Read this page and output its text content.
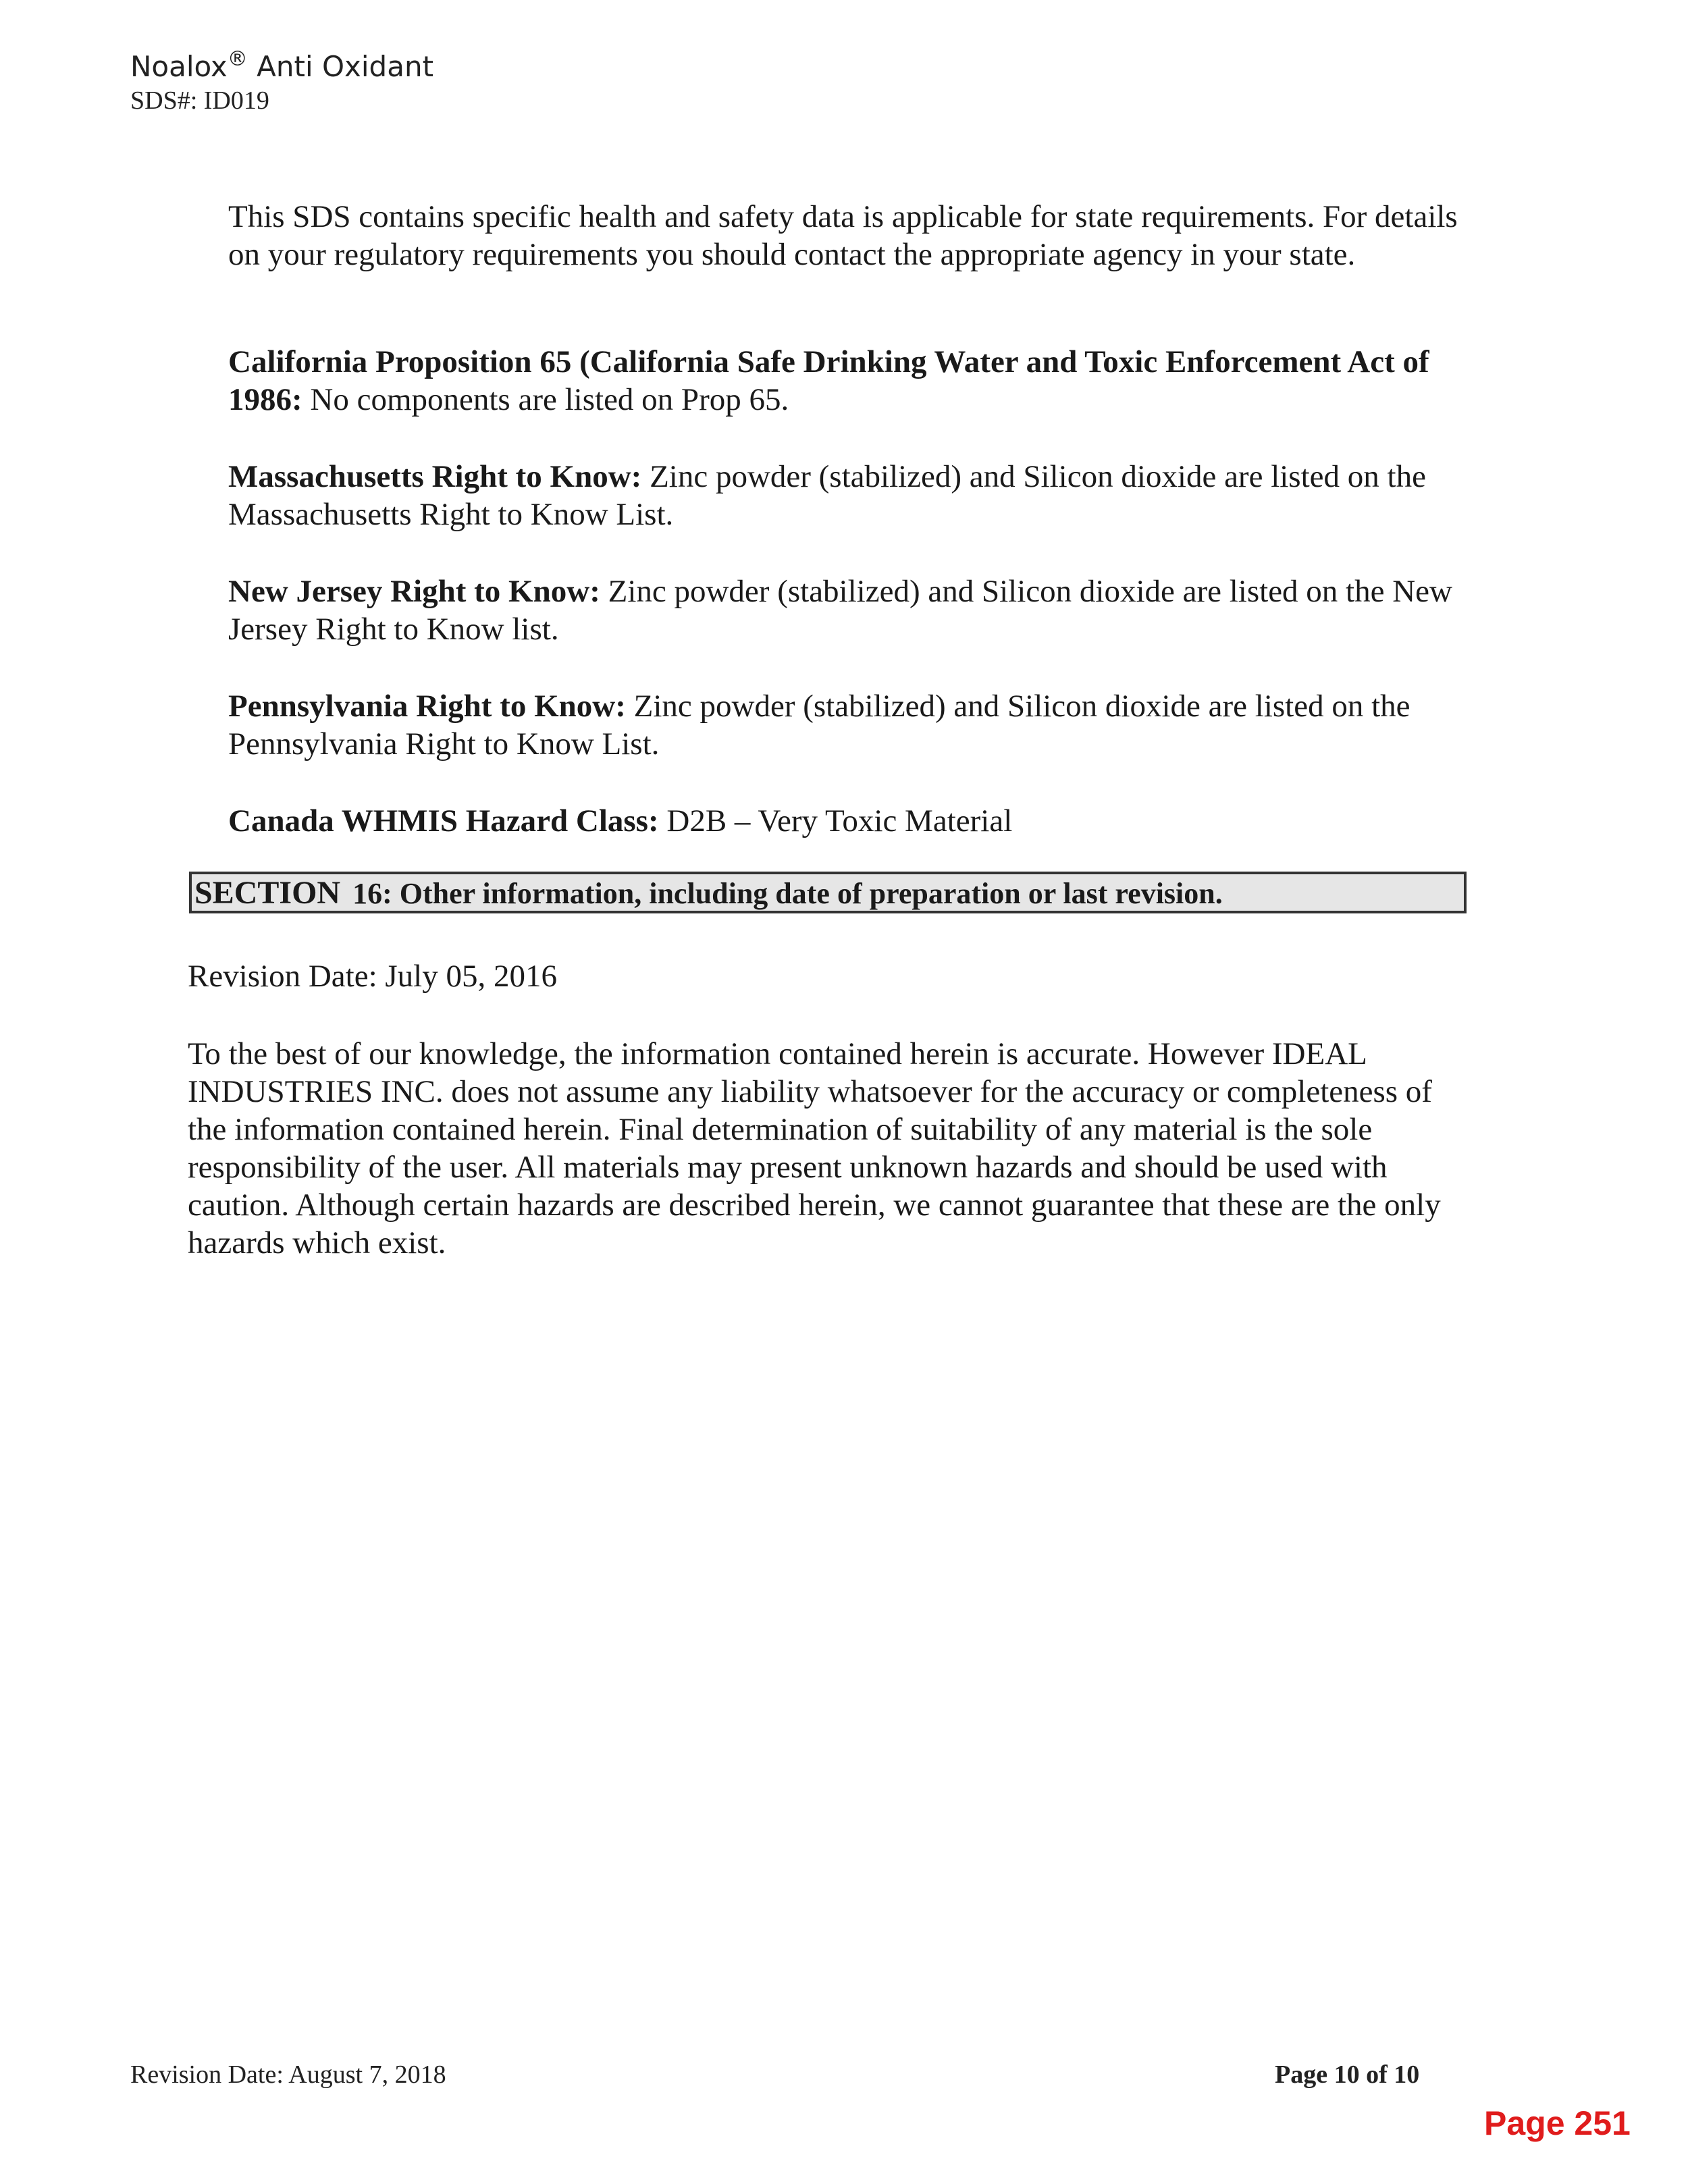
Noalox® Anti Oxidant
SDS#: ID019
This SDS contains specific health and safety data is applicable for state requirements. For details on your regulatory requirements you should contact the appropriate agency in your state.
California Proposition 65 (California Safe Drinking Water and Toxic Enforcement Act of 1986: No components are listed on Prop 65.
Massachusetts Right to Know: Zinc powder (stabilized) and Silicon dioxide are listed on the Massachusetts Right to Know List.
New Jersey Right to Know: Zinc powder (stabilized) and Silicon dioxide are listed on the New Jersey Right to Know list.
Pennsylvania Right to Know: Zinc powder (stabilized) and Silicon dioxide are listed on the Pennsylvania Right to Know List.
Canada WHMIS Hazard Class: D2B – Very Toxic Material
SECTION 16: Other information, including date of preparation or last revision.
Revision Date: July 05, 2016
To the best of our knowledge, the information contained herein is accurate. However IDEAL INDUSTRIES INC. does not assume any liability whatsoever for the accuracy or completeness of the information contained herein. Final determination of suitability of any material is the sole responsibility of the user. All materials may present unknown hazards and should be used with caution. Although certain hazards are described herein, we cannot guarantee that these are the only hazards which exist.
Revision Date: August 7, 2018	Page 10 of 10
Page 251
